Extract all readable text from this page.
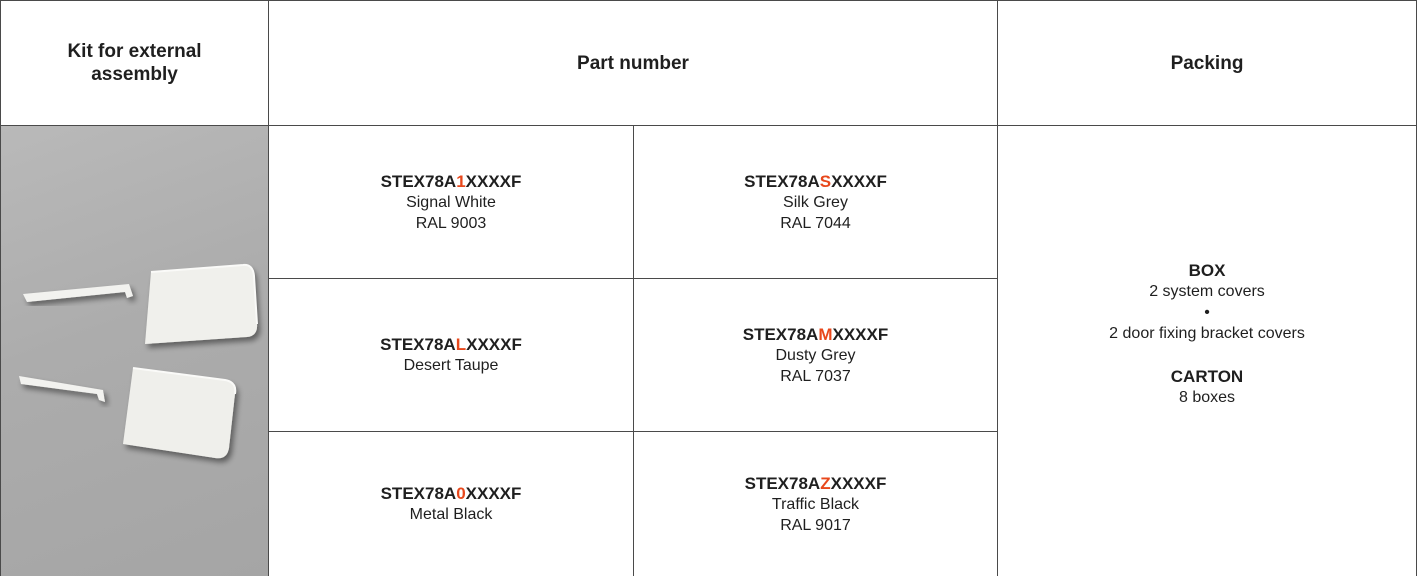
Kit for external assembly
Part number	Packing
STEX78A1XXXXF
Signal White
RAL 9003
STEX78ASXXXXF
Silk Grey
RAL 7044
STEX78ALXXXXF
Desert Taupe
STEX78AMXXXXF
Dusty Grey
RAL 7037
STEX78A0XXXXF
Metal Black
STEX78AZXXXXF
Traffic Black
RAL 9017
BOX
2 system covers
•
2 door fixing bracket covers
CARTON
8 boxes
